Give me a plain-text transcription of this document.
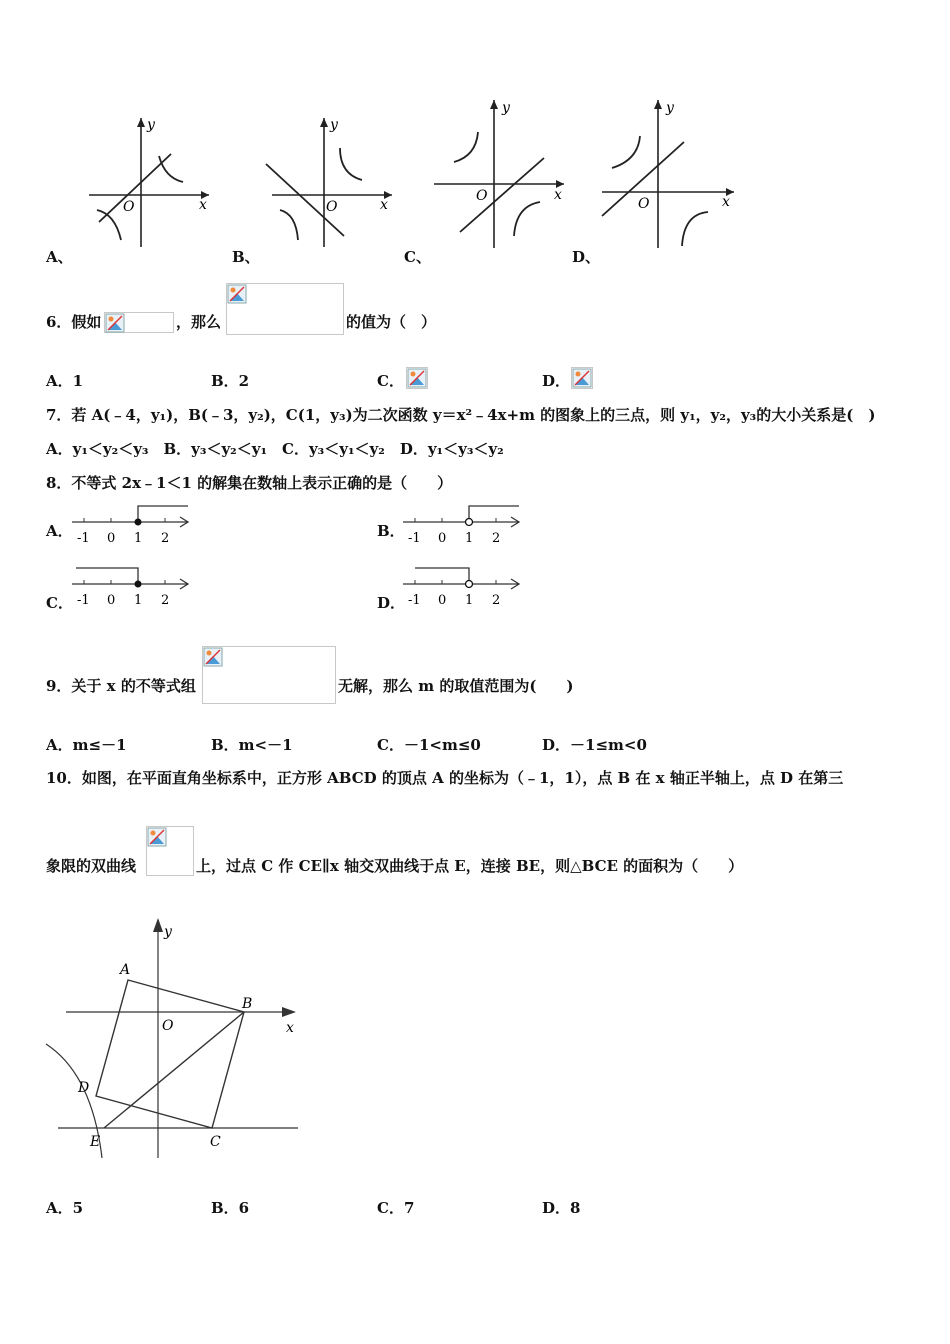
y
x
O
A、
y
x
O
B、
y
x
O
C、
y
x
O
D、
6．假如	，那么	的值为（　）
A．1	B．2	C．	D．
7．若 A(﹣4，y₁)，B(﹣3，y₂)，C(1，y₃)为二次函数 y＝x²﹣4x+m 的图象上的三点，则 y₁，y₂，y₃的大小关系是(　)
A．y₁＜y₂＜y₃　B．y₃＜y₂＜y₁　C．y₃＜y₁＜y₂　D．y₁＜y₃＜y₂
8．不等式 2x﹣1＜1 的解集在数轴上表示正确的是（　　）
A． -1 0 1 2	B． -1 0 1 2
C． -1 0 1 2	D． -1 0 1 2
9．关于 x 的不等式组	无解，那么 m 的取值范围为(　　)
A．m≤－1	B．m<－1	C．－1<m≤0	D．－1≤m<0
10．如图，在平面直角坐标系中，正方形 ABCD 的顶点 A 的坐标为（﹣1，1），点 B 在 x 轴正半轴上，点 D 在第三
象限的双曲线	上，过点 C 作 CE∥x 轴交双曲线于点 E，连接 BE，则△BCE 的面积为（　　）
y
x
O
A
B
C
D
E
A．5	B．6	C．7	D．8
